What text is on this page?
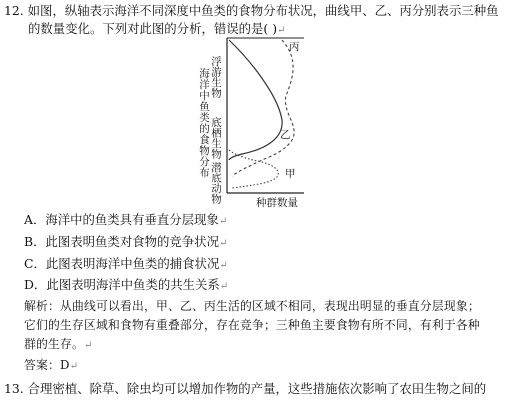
12. 如图，纵轴表示海洋不同深度中鱼类的食物分布状况，曲线甲、乙、丙分别表示三种鱼
的数量变化。下列对此图的分析，错误的是( )↵
丙
乙
甲
种群数量
海洋中鱼类的食物分布 浮游生物
底栖生物
潜底动物
A．海洋中的鱼类具有垂直分层现象↵
B．此图表明鱼类对食物的竞争状况↵
C．此图表明海洋中鱼类的捕食状况↵
D．此图表明海洋中鱼类的共生关系↵
解析：从曲线可以看出，甲、乙、丙生活的区域不相同，表现出明显的垂直分层现象；
它们的生存区域和食物有重叠部分，存在竞争；三种鱼主要食物有所不同，有利于各种
群的生存。↵
答案：D↵
13. 合理密植、除草、除虫均可以增加作物的产量，这些措施依次影响了农田生物之间的
